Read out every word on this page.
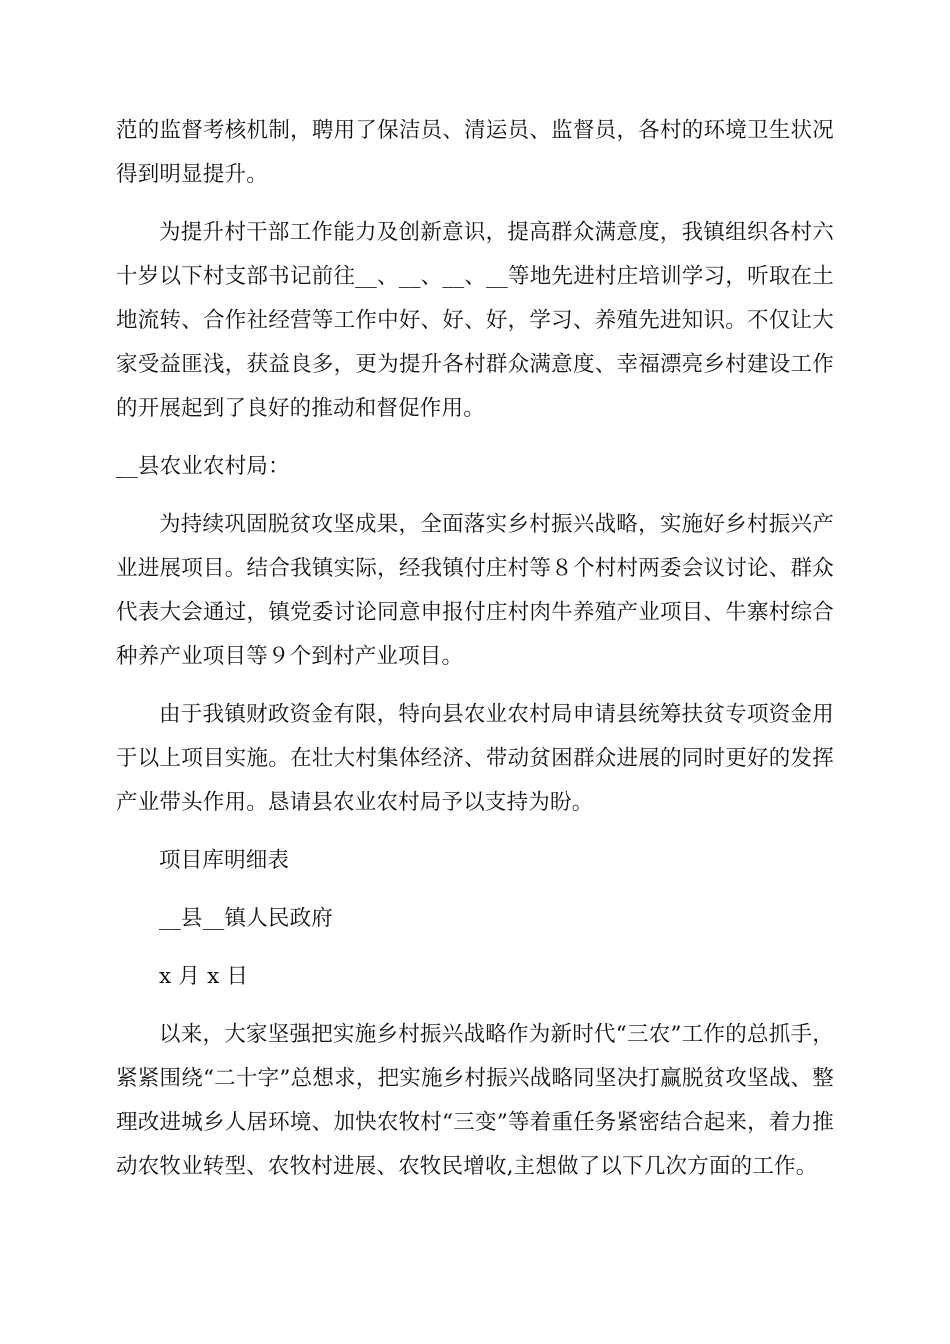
范的监督考核机制，聘用了保洁员、清运员、监督员，各村的环境卫生状况得到明显提升。

为提升村干部工作能力及创新意识，提高群众满意度，我镇组织各村六十岁以下村支部书记前往__、__、__、__等地先进村庄培训学习，听取在土地流转、合作社经营等工作中好、好、好，学习、养殖先进知识。不仅让大家受益匪浅，获益良多，更为提升各村群众满意度、幸福漂亮乡村建设工作的开展起到了良好的推动和督促作用。

__县农业农村局：

为持续巩固脱贫攻坚成果，全面落实乡村振兴战略，实施好乡村振兴产业进展项目。结合我镇实际，经我镇付庄村等８个村村两委会议讨论、群众代表大会通过，镇党委讨论同意申报付庄村肉牛养殖产业项目、牛寨村综合种养产业项目等９个到村产业项目。

由于我镇财政资金有限，特向县农业农村局申请县统筹扶贫专项资金用于以上项目实施。在壮大村集体经济、带动贫困群众进展的同时更好的发挥产业带头作用。恳请县农业农村局予以支持为盼。

项目库明细表

__县__镇人民政府

x 月 x 日

以来，大家坚强把实施乡村振兴战略作为新时代“三农”工作的总抓手，紧紧围绕“二十字”总想求，把实施乡村振兴战略同坚决打赢脱贫攻坚战、整理改进城乡人居环境、加快农牧村“三变”等着重任务紧密结合起来，着力推动农牧业转型、农牧村进展、农牧民增收,主想做了以下几次方面的工作。
